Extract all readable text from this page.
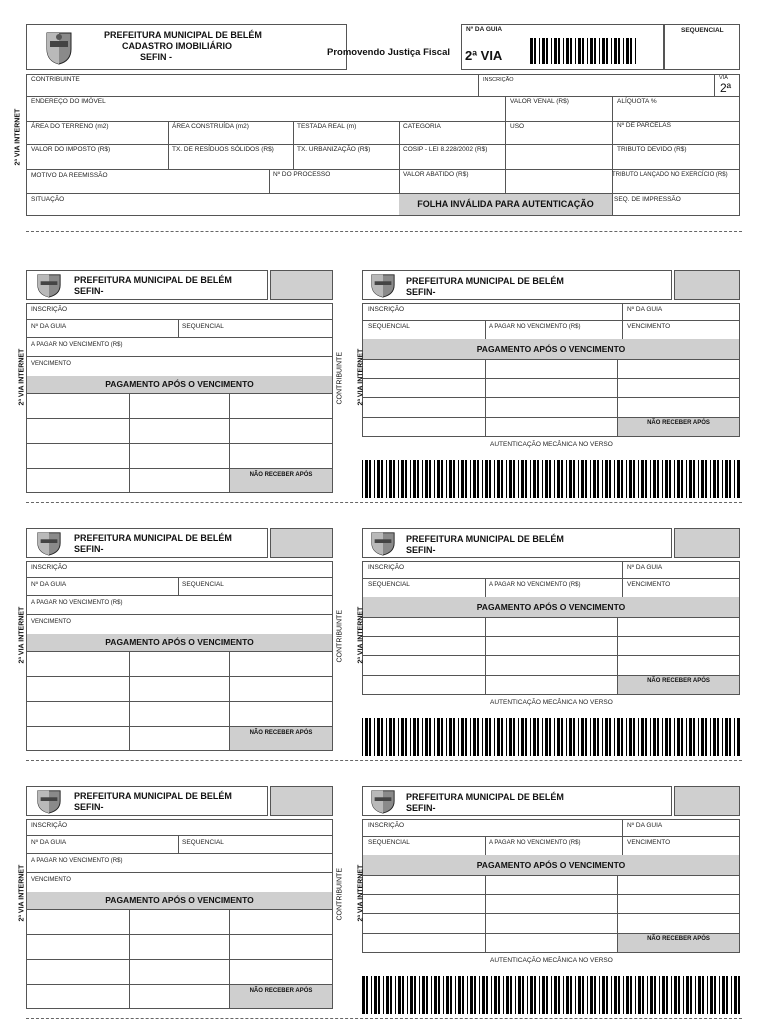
PREFEITURA MUNICIPAL DE BELÉM
CADASTRO IMOBILIÁRIO
SEFIN -	Promovendo Justiça Fiscal
Nº DA GUIA
2ª VIA
SEQUENCIAL
2ª VIA INTERNET
CONTRIBUINTE	INSCRIÇÃO	VIA
2ª
ENDEREÇO DO IMÓVEL	VALOR VENAL (R$)	ALÍQUOTA %
ÁREA DO TERRENO (m2)	ÁREA CONSTRUÍDA (m2)	TESTADA REAL (m)	CATEGORIA	USO	Nº DE PARCELAS
VALOR DO IMPOSTO (R$)	TX. DE RESÍDUOS SÓLIDOS (R$)	TX. URBANIZAÇÃO (R$)	COSIP - LEI 8.228/2002 (R$)	TRIBUTO DEVIDO (R$)
MOTIVO DA REEMISSÃO	Nº DO PROCESSO	VALOR ABATIDO (R$)	TRIBUTO LANÇADO NO EXERCÍCIO (R$)
SITUAÇÃO	FOLHA INVÁLIDA PARA AUTENTICAÇÃO	SEQ. DE IMPRESSÃO
PREFEITURA MUNICIPAL DE BELÉM
SEFIN-
INSCRIÇÃO
Nº DA GUIA	SEQUENCIAL
A PAGAR NO VENCIMENTO (R$)
VENCIMENTO
PAGAMENTO APÓS O VENCIMENTO
NÃO RECEBER APÓS
2ª VIA INTERNET	CONTRIBUINTE
PREFEITURA MUNICIPAL DE BELÉM
SEFIN-
INSCRIÇÃO	Nº DA GUIA
SEQUENCIAL	A PAGAR NO VENCIMENTO (R$)	VENCIMENTO
PAGAMENTO APÓS O VENCIMENTO
NÃO RECEBER APÓS
2ª VIA INTERNET
AUTENTICAÇÃO MECÂNICA NO VERSO
PREFEITURA MUNICIPAL DE BELÉM
SEFIN-
INSCRIÇÃO
Nº DA GUIA	SEQUENCIAL
A PAGAR NO VENCIMENTO (R$)
VENCIMENTO
PAGAMENTO APÓS O VENCIMENTO
NÃO RECEBER APÓS
2ª VIA INTERNET	CONTRIBUINTE
PREFEITURA MUNICIPAL DE BELÉM
SEFIN-
INSCRIÇÃO	Nº DA GUIA
SEQUENCIAL	A PAGAR NO VENCIMENTO (R$)	VENCIMENTO
PAGAMENTO APÓS O VENCIMENTO
NÃO RECEBER APÓS
2ª VIA INTERNET
AUTENTICAÇÃO MECÂNICA NO VERSO
PREFEITURA MUNICIPAL DE BELÉM
SEFIN-
INSCRIÇÃO
Nº DA GUIA	SEQUENCIAL
A PAGAR NO VENCIMENTO (R$)
VENCIMENTO
PAGAMENTO APÓS O VENCIMENTO
NÃO RECEBER APÓS
2ª VIA INTERNET	CONTRIBUINTE
PREFEITURA MUNICIPAL DE BELÉM
SEFIN-
INSCRIÇÃO	Nº DA GUIA
SEQUENCIAL	A PAGAR NO VENCIMENTO (R$)	VENCIMENTO
PAGAMENTO APÓS O VENCIMENTO
NÃO RECEBER APÓS
2ª VIA INTERNET
AUTENTICAÇÃO MECÂNICA NO VERSO
